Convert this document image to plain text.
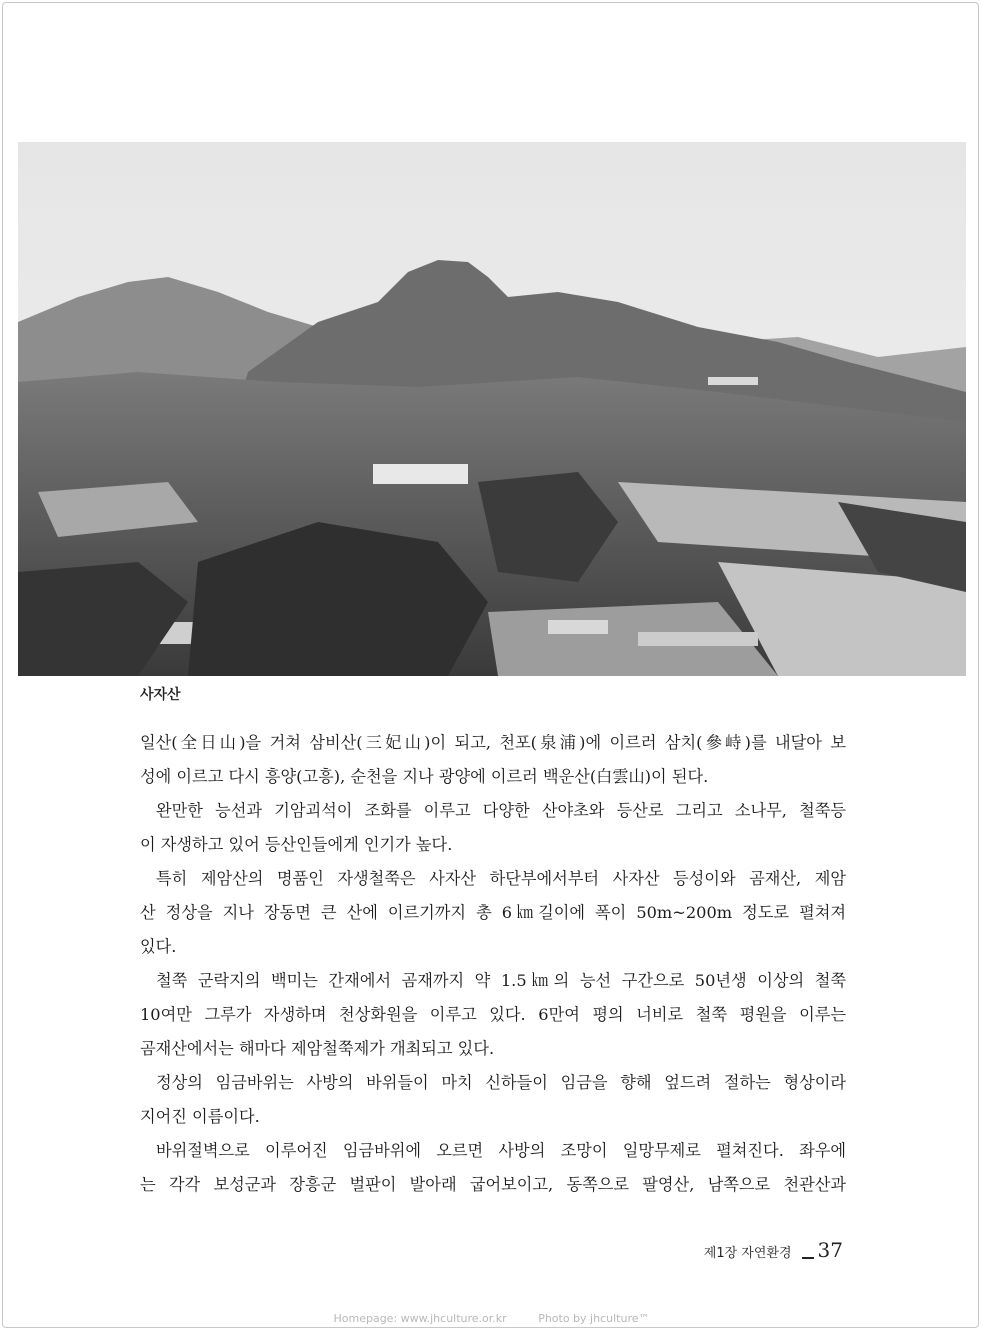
사자산
일산(全日山)을 거쳐 삼비산(三妃山)이 되고, 천포(泉浦)에 이르러 삼치(參峙)를 내달아 보
성에 이르고 다시 흥양(고흥), 순천을 지나 광양에 이르러 백운산(白雲山)이 된다.
완만한 능선과 기암괴석이 조화를 이루고 다양한 산야초와 등산로 그리고 소나무, 철쭉등
이 자생하고 있어 등산인들에게 인기가 높다.
특히 제암산의 명품인 자생철쭉은 사자산 하단부에서부터 사자산 등성이와 곰재산, 제암
산 정상을 지나 장동면 큰 산에 이르기까지 총 6㎞길이에 폭이 50m~200m 정도로 펼쳐져
있다.
철쭉 군락지의 백미는 간재에서 곰재까지 약 1.5㎞의 능선 구간으로 50년생 이상의 철쭉
10여만 그루가 자생하며 천상화원을 이루고 있다. 6만여 평의 너비로 철쭉 평원을 이루는
곰재산에서는 해마다 제암철쭉제가 개최되고 있다.
정상의 임금바위는 사방의 바위들이 마치 신하들이 임금을 향해 엎드려 절하는 형상이라
지어진 이름이다.
바위절벽으로 이루어진 임금바위에 오르면 사방의 조망이 일망무제로 펼쳐진다. 좌우에
는 각각 보성군과 장흥군 벌판이 발아래 굽어보이고, 동쪽으로 팔영산, 남쪽으로 천관산과
제1장 자연환경 37
Homepage: www.jhculture.or.kr	Photo by jhculture™
